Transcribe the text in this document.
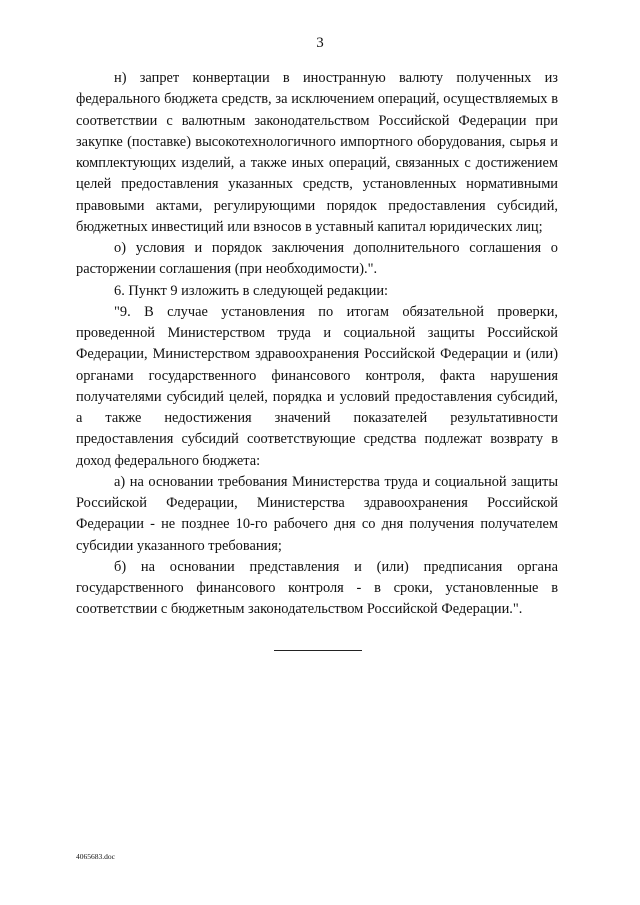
3

н) запрет конвертации в иностранную валюту полученных из федерального бюджета средств, за исключением операций, осуществляемых в соответствии с валютным законодательством Российской Федерации при закупке (поставке) высокотехнологичного импортного оборудования, сырья и комплектующих изделий, а также иных операций, связанных с достижением целей предоставления указанных средств, установленных нормативными правовыми актами, регулирующими порядок предоставления субсидий, бюджетных инвестиций или взносов в уставный капитал юридических лиц;

о) условия и порядок заключения дополнительного соглашения о расторжении соглашения (при необходимости).".

6. Пункт 9 изложить в следующей редакции:

"9. В случае установления по итогам обязательной проверки, проведенной Министерством труда и социальной защиты Российской Федерации, Министерством здравоохранения Российской Федерации и (или) органами государственного финансового контроля, факта нарушения получателями субсидий целей, порядка и условий предоставления субсидий, а также недостижения значений показателей результативности предоставления субсидий соответствующие средства подлежат возврату в доход федерального бюджета:

а) на основании требования Министерства труда и социальной защиты Российской Федерации, Министерства здравоохранения Российской Федерации - не позднее 10-го рабочего дня со дня получения получателем субсидии указанного требования;

б) на основании представления и (или) предписания органа государственного финансового контроля - в сроки, установленные в соответствии с бюджетным законодательством Российской Федерации.".

4065683.doc
